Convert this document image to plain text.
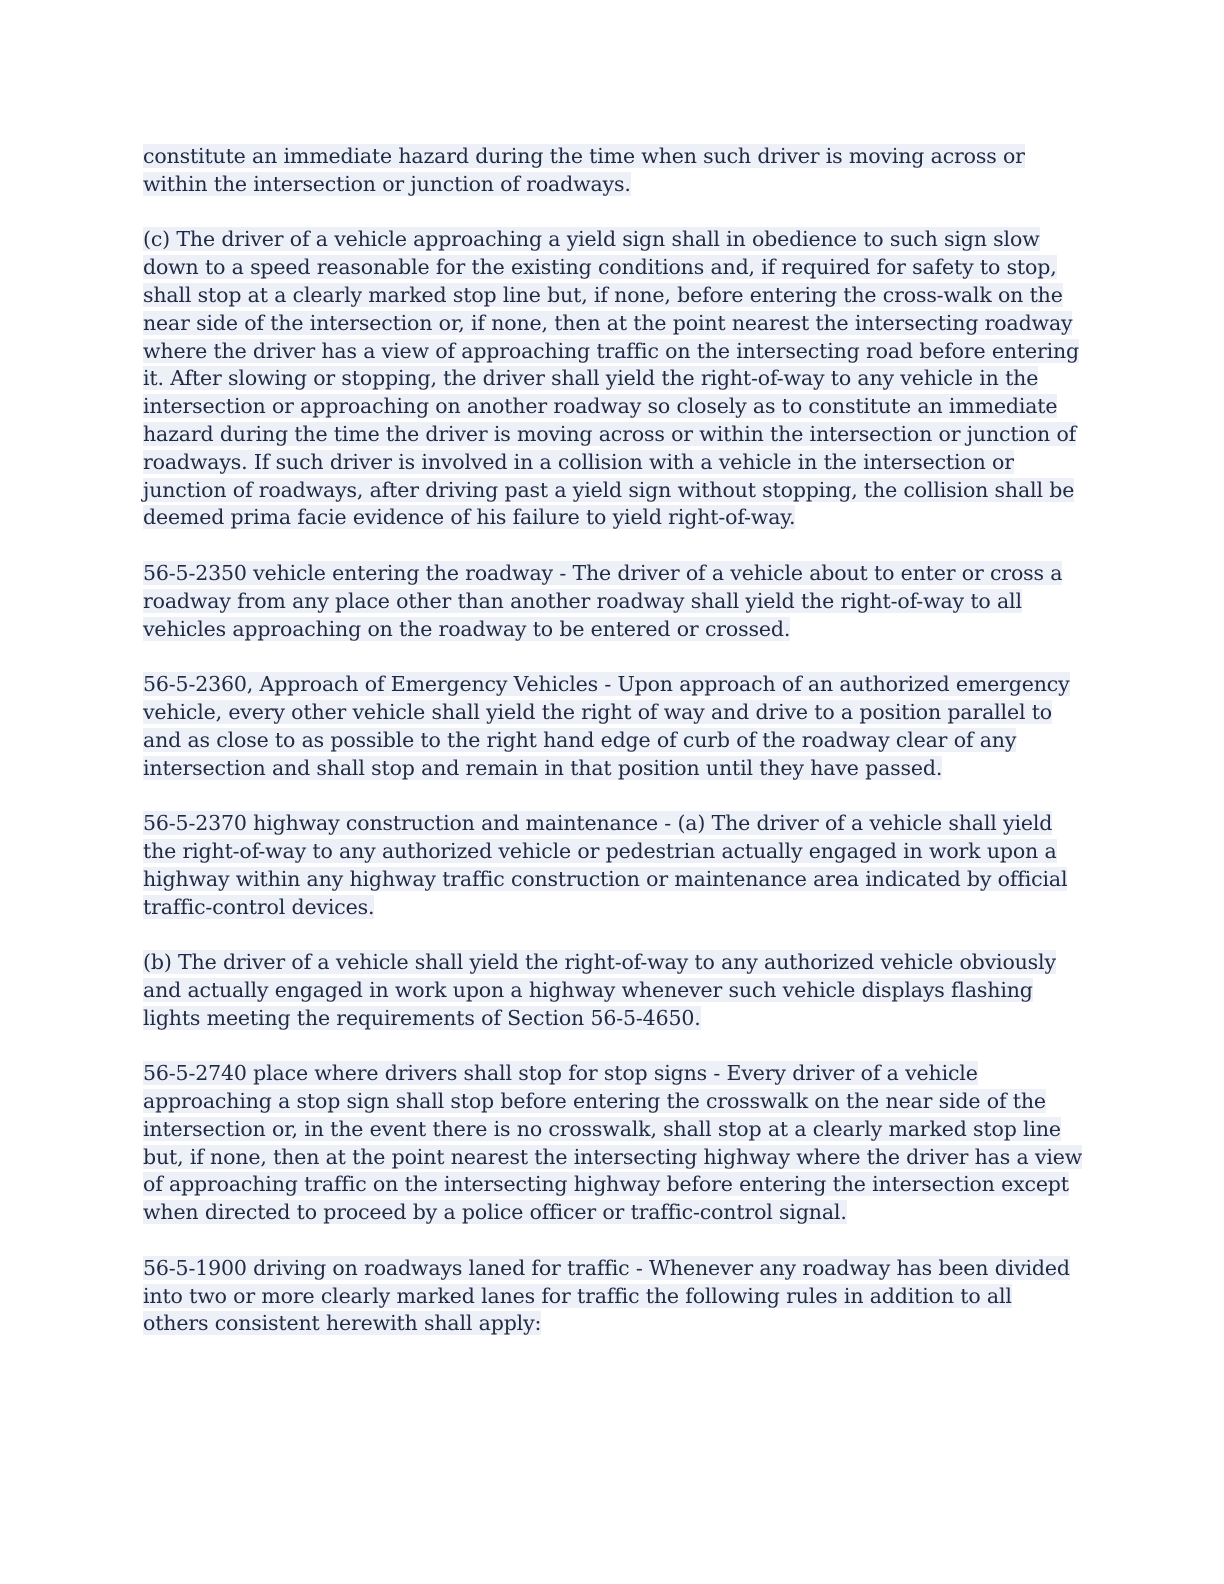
constitute an immediate hazard during the time when such driver is moving across or within the intersection or junction of roadways.

(c) The driver of a vehicle approaching a yield sign shall in obedience to such sign slow down to a speed reasonable for the existing conditions and, if required for safety to stop, shall stop at a clearly marked stop line but, if none, before entering the cross-walk on the near side of the intersection or, if none, then at the point nearest the intersecting roadway where the driver has a view of approaching traffic on the intersecting road before entering it. After slowing or stopping, the driver shall yield the right-of-way to any vehicle in the intersection or approaching on another roadway so closely as to constitute an immediate hazard during the time the driver is moving across or within the intersection or junction of roadways. If such driver is involved in a collision with a vehicle in the intersection or junction of roadways, after driving past a yield sign without stopping, the collision shall be deemed prima facie evidence of his failure to yield right-of-way.

56-5-2350 vehicle entering the roadway - The driver of a vehicle about to enter or cross a roadway from any place other than another roadway shall yield the right-of-way to all vehicles approaching on the roadway to be entered or crossed.

56-5-2360, Approach of Emergency Vehicles - Upon approach of an authorized emergency vehicle, every other vehicle shall yield the right of way and drive to a position parallel to and as close to as possible to the right hand edge of curb of the roadway clear of any intersection and shall stop and remain in that position until they have passed.

56-5-2370 highway construction and maintenance - (a) The driver of a vehicle shall yield the right-of-way to any authorized vehicle or pedestrian actually engaged in work upon a highway within any highway traffic construction or maintenance area indicated by official traffic-control devices.

(b) The driver of a vehicle shall yield the right-of-way to any authorized vehicle obviously and actually engaged in work upon a highway whenever such vehicle displays flashing lights meeting the requirements of Section 56-5-4650.

56-5-2740 place where drivers shall stop for stop signs - Every driver of a vehicle approaching a stop sign shall stop before entering the crosswalk on the near side of the intersection or, in the event there is no crosswalk, shall stop at a clearly marked stop line but, if none, then at the point nearest the intersecting highway where the driver has a view of approaching traffic on the intersecting highway before entering the intersection except when directed to proceed by a police officer or traffic-control signal.

56-5-1900 driving on roadways laned for traffic - Whenever any roadway has been divided into two or more clearly marked lanes for traffic the following rules in addition to all others consistent herewith shall apply:
